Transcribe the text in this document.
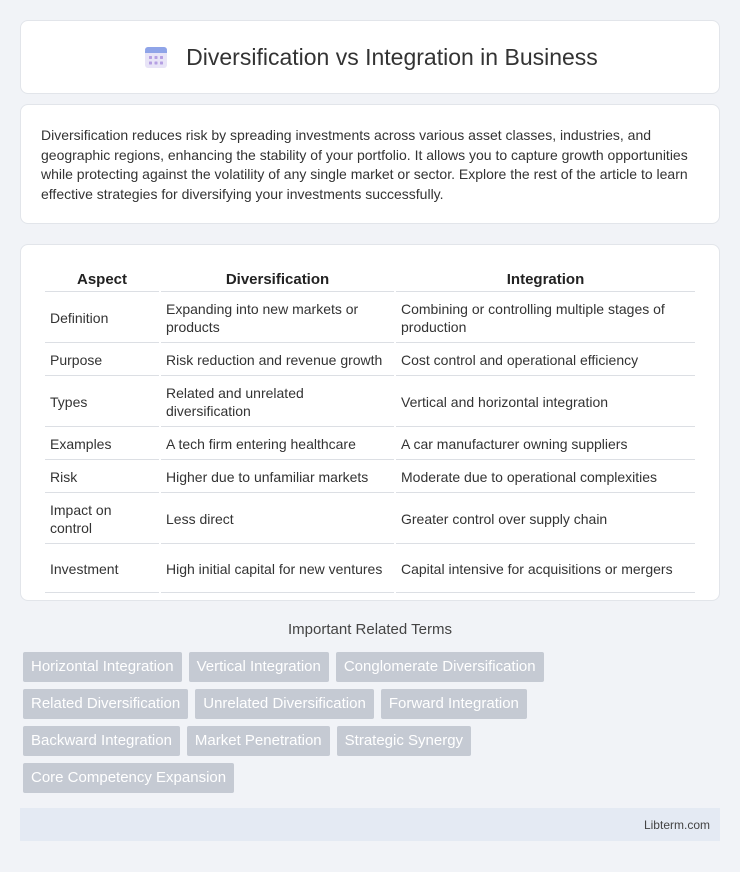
Diversification vs Integration in Business

Diversification reduces risk by spreading investments across various asset classes, industries, and geographic regions, enhancing the stability of your portfolio. It allows you to capture growth opportunities while protecting against the volatility of any single market or sector. Explore the rest of the article to learn effective strategies for diversifying your investments successfully.

Aspect	Diversification	Integration
Definition	Expanding into new markets or products	Combining or controlling multiple stages of production
Purpose	Risk reduction and revenue growth	Cost control and operational efficiency
Types	Related and unrelated diversification	Vertical and horizontal integration
Examples	A tech firm entering healthcare	A car manufacturer owning suppliers
Risk	Higher due to unfamiliar markets	Moderate due to operational complexities
Impact on control	Less direct	Greater control over supply chain
Investment	High initial capital for new ventures	Capital intensive for acquisitions or mergers
Important Related Terms
Horizontal Integration	Vertical Integration	Conglomerate Diversification
Related Diversification	Unrelated Diversification	Forward Integration
Backward Integration	Market Penetration	Strategic Synergy
Core Competency Expansion
Libterm.com
